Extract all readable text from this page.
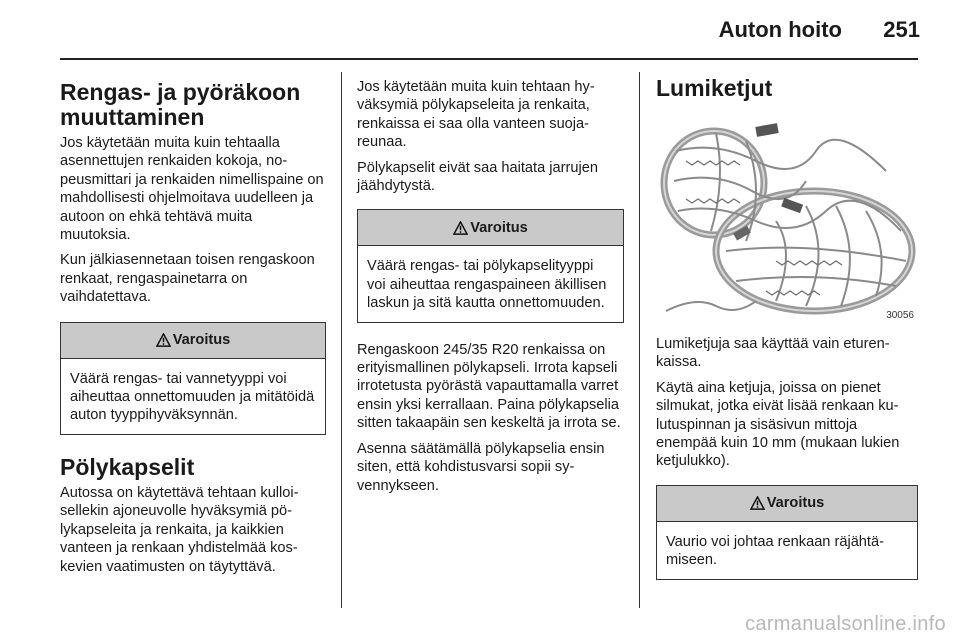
Auton hoito 251
Rengas- ja pyöräkoon muuttaminen

Jos käytetään muita kuin tehtaalla asennettujen renkaiden kokoja, nopeusmittari ja renkaiden nimellispaine on mahdollisesti ohjelmoitava uudelleen ja autoon on ehkä tehtävä muita muutoksia.

Kun jälkiasennetaan toisen rengaskoon renkaat, rengaspainetarra on vaihdatettava.

Varoitus
Väärä rengas- tai vannetyyppi voi aiheuttaa onnettomuuden ja mitätöidä auton tyyppihyväksynnän.
Pölykapselit

Autossa on käytettävä tehtaan kulloisellekin ajoneuvolle hyväksymiä pölykapseleita ja renkaita, ja kaikkien vanteen ja renkaan yhdistelmää koskevien vaatimusten on täytyttävä.

Jos käytetään muita kuin tehtaan hyväksymiä pölykapseleita ja renkaita, renkaissa ei saa olla vanteen suojareunaa.

Pölykapselit eivät saa haitata jarrujen jäähdytystä.

Varoitus
Väärä rengas- tai pölykapselityyppi voi aiheuttaa rengaspaineen äkillisen laskun ja sitä kautta onnettomuuden.

Rengaskoon 245/35 R20 renkaissa on erityismallinen pölykapseli. Irrota kapseli irrotetusta pyörästä vapauttamalla varret ensin yksi kerrallaan. Paina pölykapselia sitten takaapäin sen keskeltä ja irrota se.

Asenna säätämällä pölykapselia ensin siten, että kohdistusvarsi sopii syvennykseen.

Lumiketjut
30056

Lumiketjuja saa käyttää vain eturenkaissa.

Käytä aina ketjuja, joissa on pienet silmukat, jotka eivät lisää renkaan kulutuspinnan ja sisäsivun mittoja enempää kuin 10 mm (mukaan lukien ketjulukko).

Varoitus
Vaurio voi johtaa renkaan räjähtämiseen.
carmanualsonline.info
